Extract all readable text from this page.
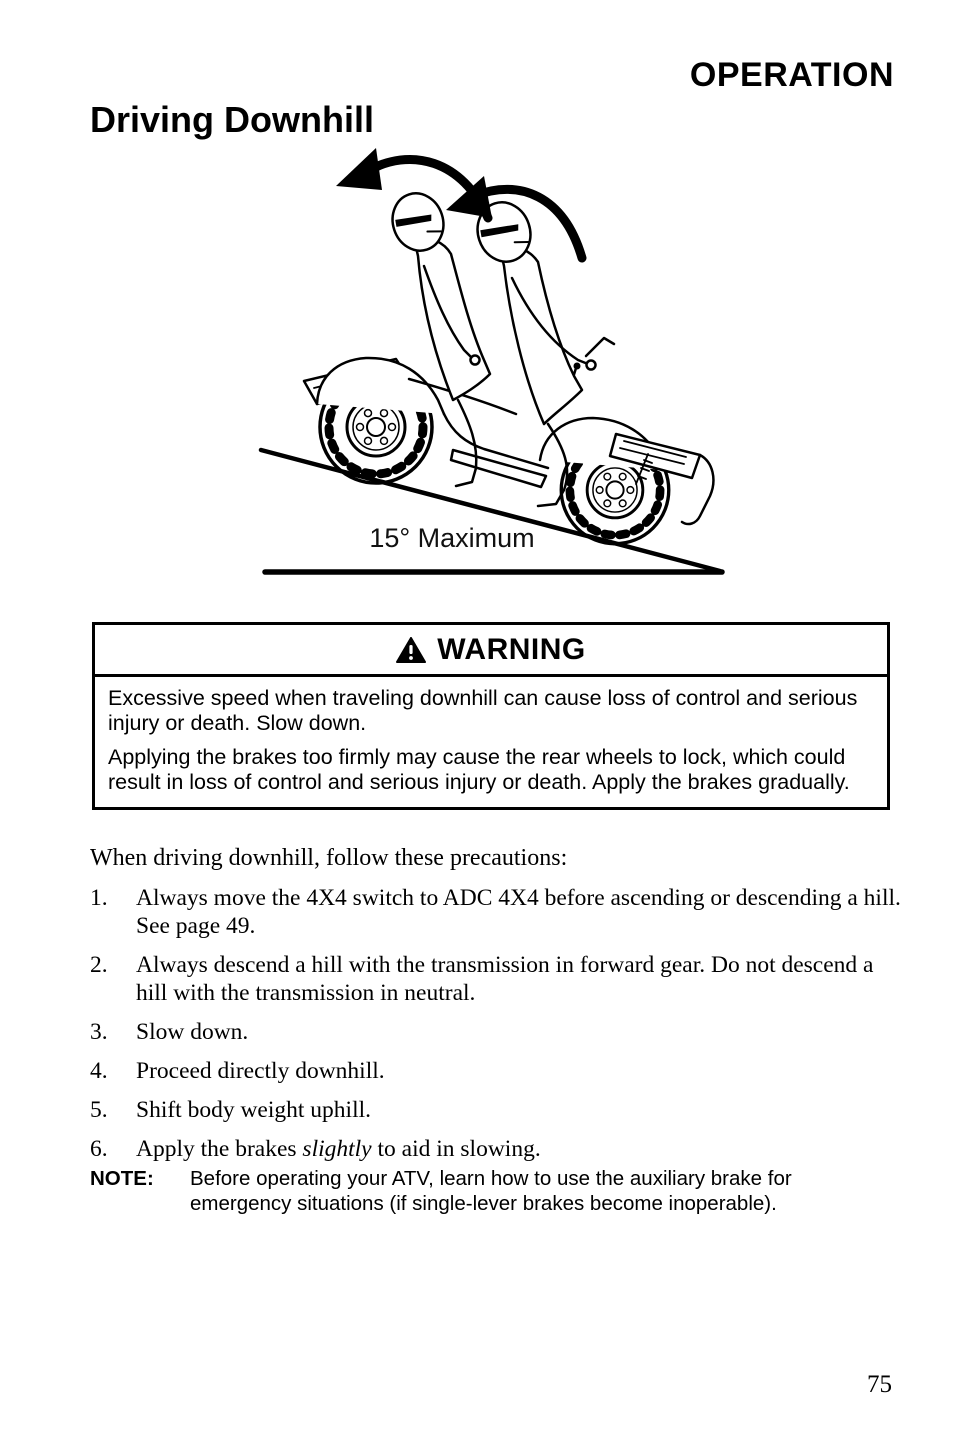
OPERATION
Driving Downhill
15° Maximum
WARNING

Excessive speed when traveling downhill can cause loss of control and serious injury or death. Slow down.

Applying the brakes too firmly may cause the rear wheels to lock, which could result in loss of control and serious injury or death. Apply the brakes gradually.

When driving downhill, follow these precautions:
1.	Always move the 4X4 switch to ADC 4X4 before ascending or descending a hill. See page 49.
2.	Always descend a hill with the transmission in forward gear. Do not descend a hill with the transmission in neutral.
3.	Slow down.
4.	Proceed directly downhill.
5.	Shift body weight uphill.
6.	Apply the brakes slightly to aid in slowing.
NOTE:	Before operating your ATV, learn how to use the auxiliary brake for emergency situations (if single-lever brakes become inoperable).
75
